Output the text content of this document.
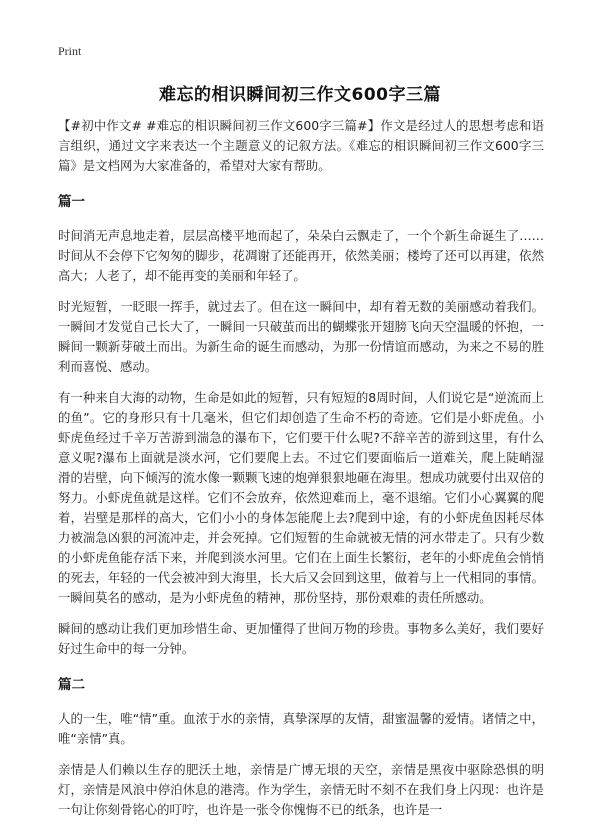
Print
难忘的相识瞬间初三作文600字三篇

【#初中作文# #难忘的相识瞬间初三作文600字三篇#】作文是经过人的思想考虑和语言组织，通过文字来表达一个主题意义的记叙方法。《难忘的相识瞬间初三作文600字三篇》是文档网为大家准备的，希望对大家有帮助。

篇一

时间消无声息地走着，层层高楼平地而起了，朵朵白云飘走了，一个个新生命诞生了……时间从不会停下它匆匆的脚步，花凋谢了还能再开，依然美丽；楼垮了还可以再建，依然高大；人老了，却不能再变的美丽和年轻了。

时光短暂，一眨眼一挥手，就过去了。但在这一瞬间中，却有着无数的美丽感动着我们。一瞬间才发觉自己长大了，一瞬间一只破茧而出的蝴蝶张开翅膀飞向天空温暖的怀抱，一瞬间一颗新芽破土而出。为新生命的诞生而感动，为那一份情谊而感动，为来之不易的胜利而喜悦、感动。

有一种来自大海的动物，生命是如此的短暂，只有短短的8周时间，人们说它是“逆流而上的鱼”。它的身形只有十几毫米，但它们却创造了生命不朽的奇迹。它们是小虾虎鱼。小虾虎鱼经过千辛万苦游到湍急的瀑布下，它们要干什么呢?不辞辛苦的游到这里，有什么意义呢?瀑布上面就是淡水河，它们要爬上去。不过它们要面临后一道难关，爬上陡峭湿滑的岩壁，向下倾泻的流水像一颗颗飞速的炮弹狠狠地砸在海里。想成功就要付出双倍的努力。小虾虎鱼就是这样。它们不会放弃，依然迎难而上，毫不退缩。它们小心翼翼的爬着，岩壁是那样的高大，它们小小的身体怎能爬上去?爬到中途，有的小虾虎鱼因耗尽体力被湍急凶狠的河流冲走，并会死掉。它们短暂的生命就被无情的河水带走了。只有少数的小虾虎鱼能存活下来，并爬到淡水河里。它们在上面生长繁衍，老年的小虾虎鱼会悄悄的死去，年轻的一代会被冲到大海里，长大后又会回到这里，做着与上一代相同的事情。一瞬间莫名的感动，是为小虾虎鱼的精神，那份坚持，那份艰难的责任所感动。

瞬间的感动让我们更加珍惜生命、更加懂得了世间万物的珍贵。事物多么美好，我们要好好过生命中的每一分钟。

篇二

人的一生，唯“情”重。血浓于水的亲情，真挚深厚的友情，甜蜜温馨的爱情。诸情之中，唯“亲情”真。

亲情是人们赖以生存的肥沃土地，亲情是广博无垠的天空，亲情是黑夜中驱除恐惧的明灯，亲情是风浪中停泊休息的港湾。作为学生，亲情无时不刻不在我们身上闪现：也许是一句让你刻骨铭心的叮咛，也许是一张令你愧悔不已的纸条，也许是一
